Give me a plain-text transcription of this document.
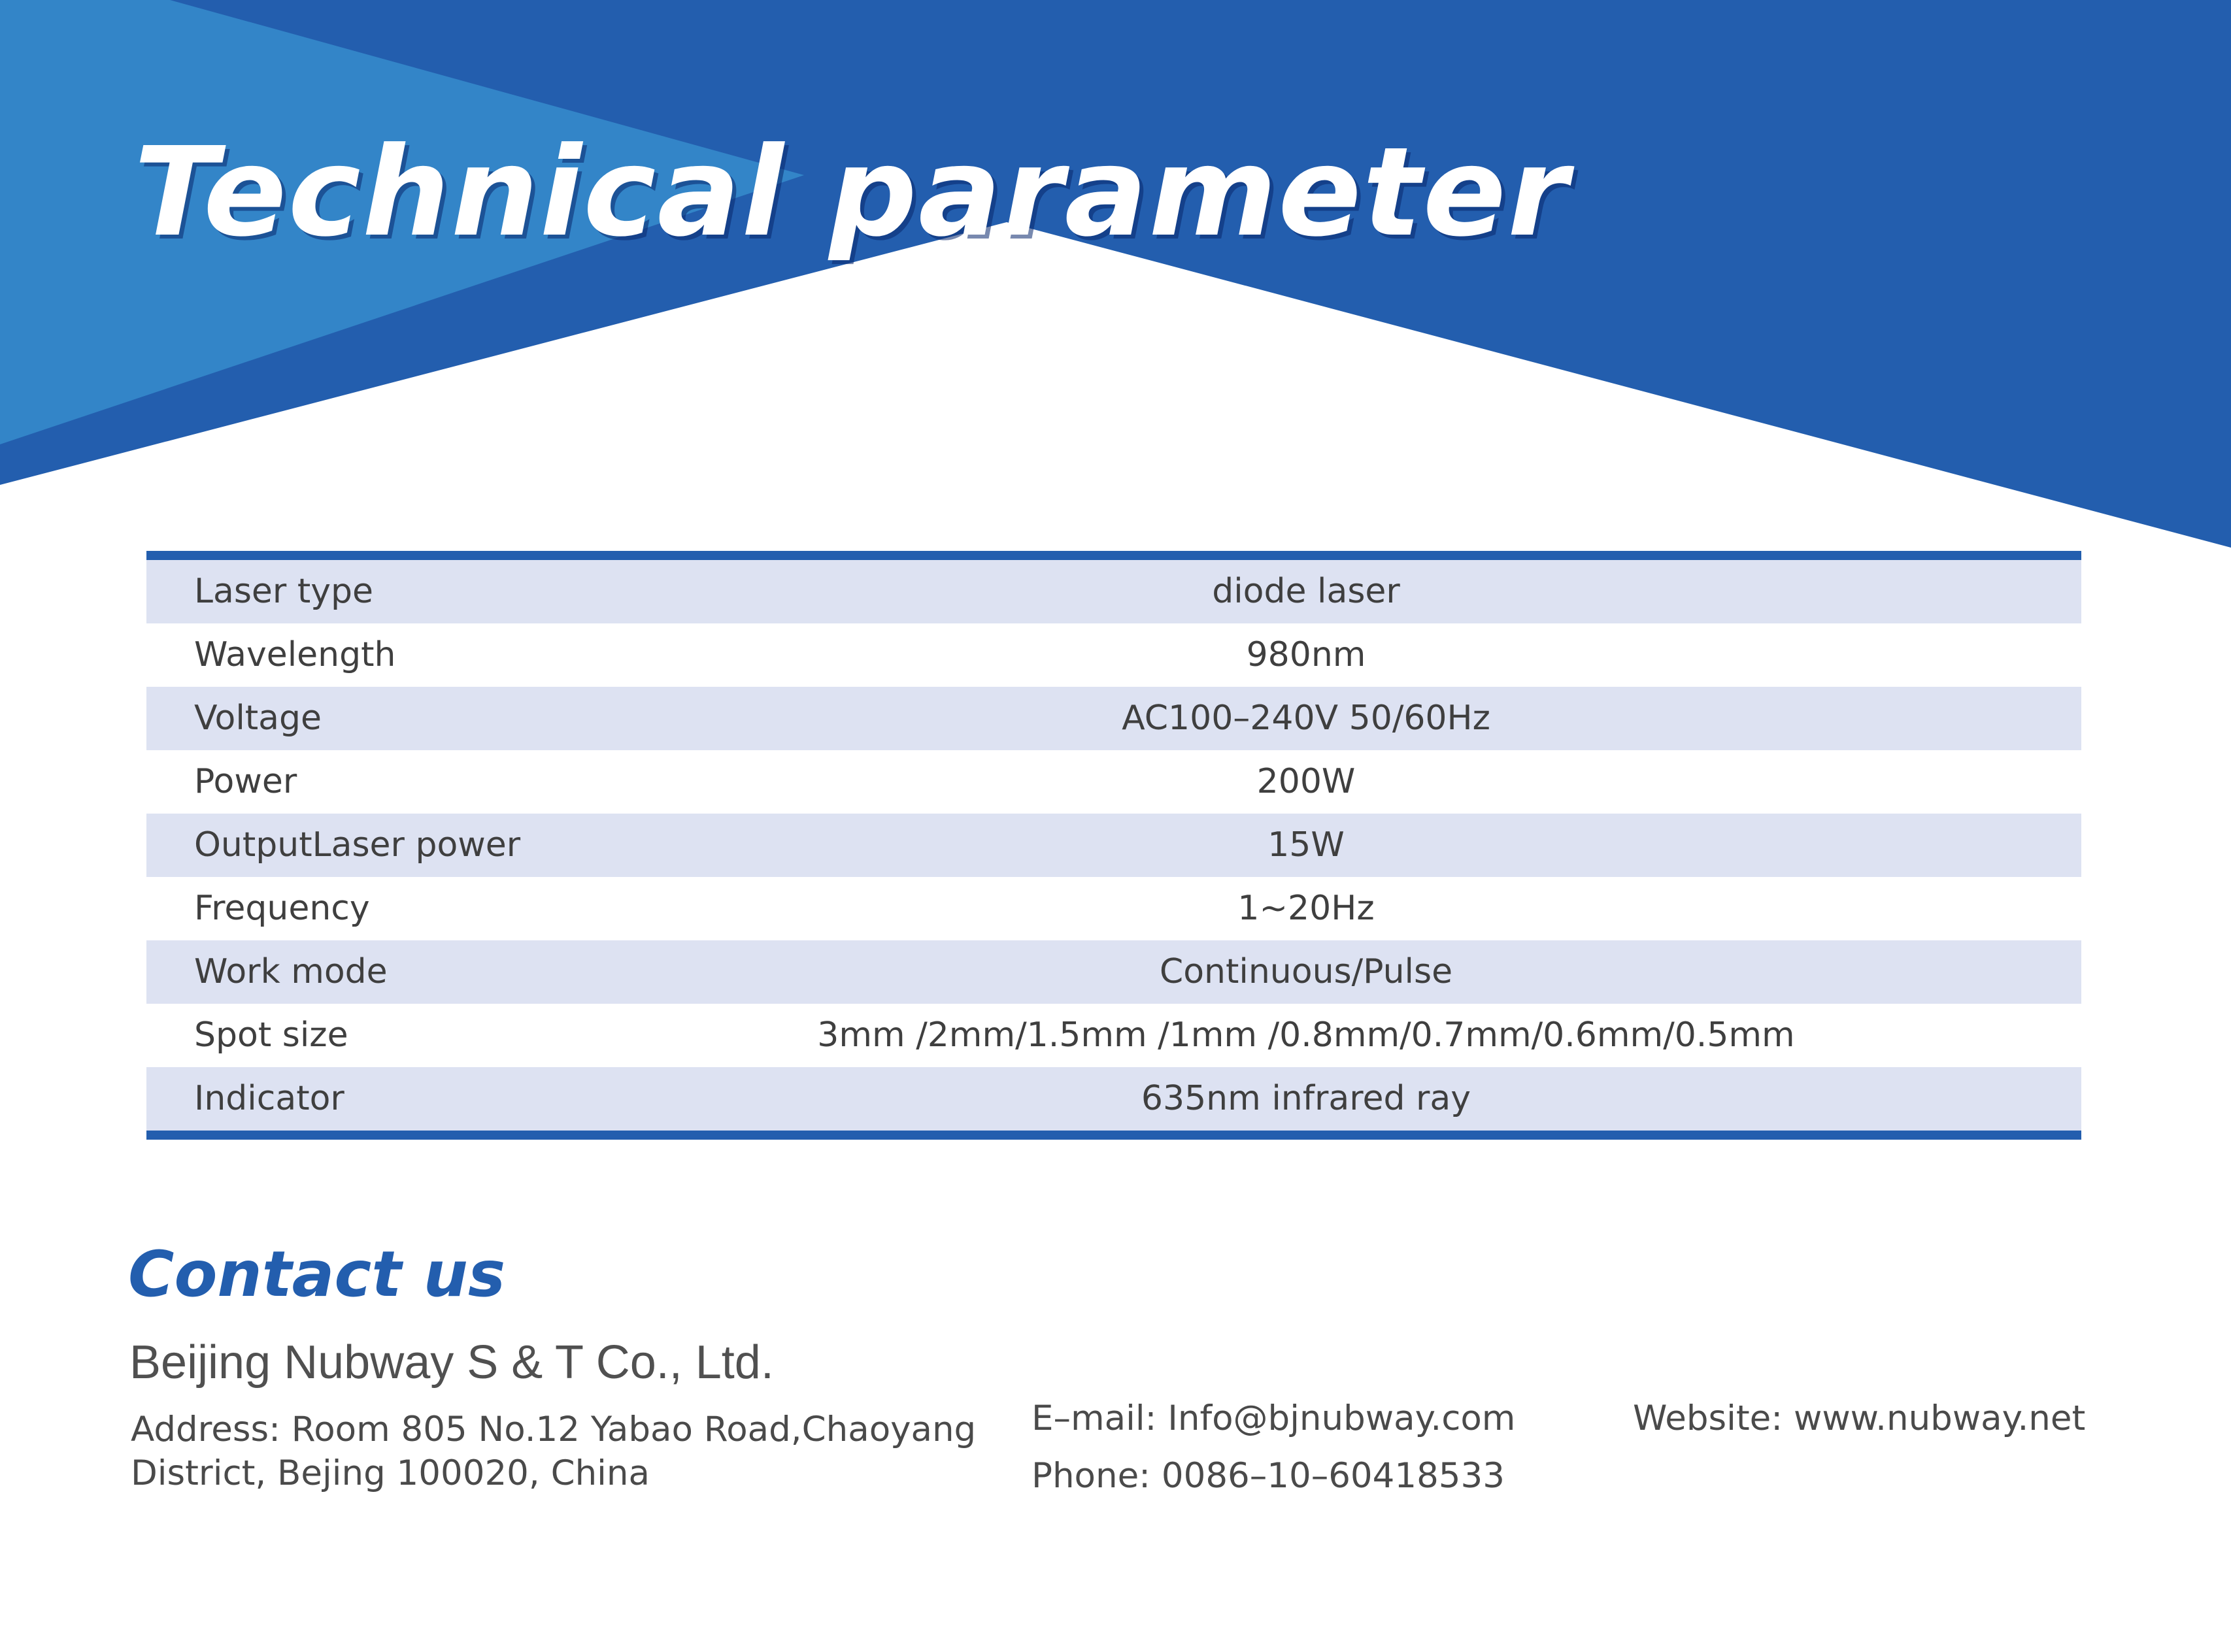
Technical parameter
Laser type	diode laser
Wavelength	980nm
Voltage	AC100–240V 50/60Hz
Power	200W
OutputLaser power	15W
Frequency	1~20Hz
Work mode	Continuous/Pulse
Spot size	3mm /2mm/1.5mm /1mm /0.8mm/0.7mm/0.6mm/0.5mm
Indicator	635nm infrared ray
Contact us
Beijing Nubway S & T Co., Ltd.
Address: Room 805 No.12 Yabao Road,Chaoyang
District, Bejing 100020, China
E–mail: Info@bjnubway.com
Phone: 0086–10–60418533
Website: www.nubway.net
